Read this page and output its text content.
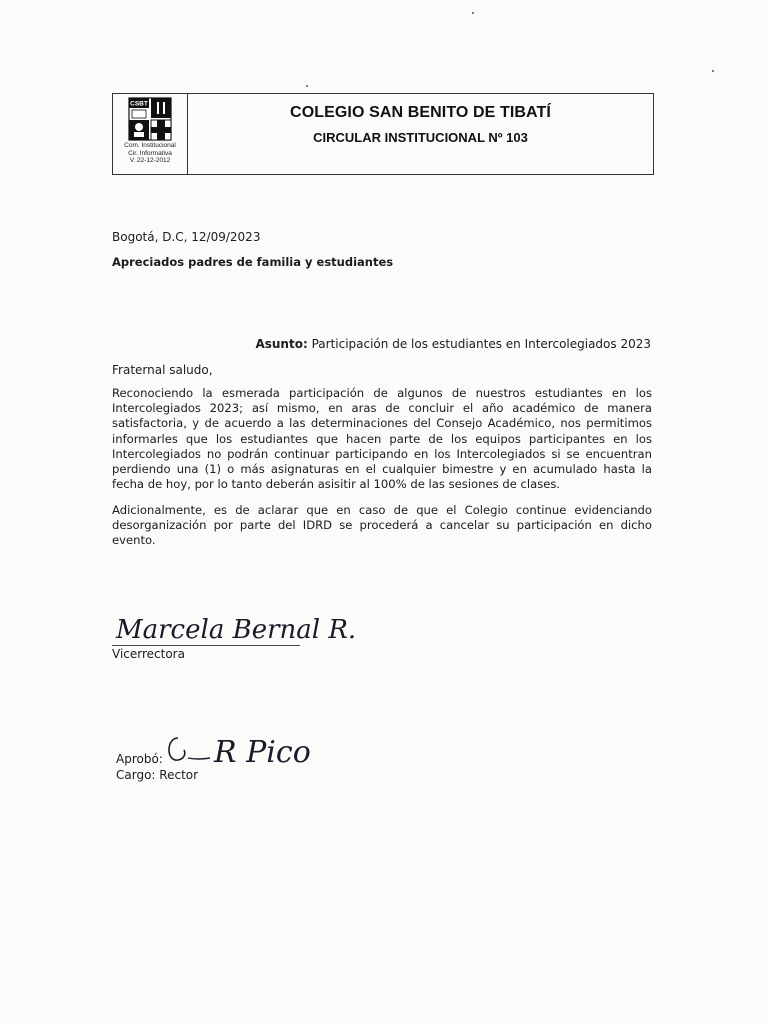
CSBT
Com. Institucional
Cir. Informativa
V. 22-12-2012
COLEGIO SAN BENITO DE TIBATÍ
CIRCULAR INSTITUCIONAL Nº 103
Bogotá, D.C, 12/09/2023
Apreciados padres de familia y estudiantes
Asunto: Participación de los estudiantes en Intercolegiados 2023
Fraternal saludo,
Reconociendo la esmerada participación de algunos de nuestros estudiantes en los Intercolegiados 2023; así mismo, en aras de concluir el año académico de manera satisfactoria, y de acuerdo a las determinaciones del Consejo Académico, nos permitimos informarles que los estudiantes que hacen parte de los equipos participantes en los Intercolegiados no podrán continuar participando en los Intercolegiados si se encuentran perdiendo una (1) o más asignaturas en el cualquier bimestre y en acumulado hasta la fecha de hoy, por lo tanto deberán asisitir al 100% de las sesiones de clases.
Adicionalmente, es de aclarar que en caso de que el Colegio continue evidenciando desorganización por parte del IDRD se procederá a cancelar su participación en dicho evento.
Marcela Bernal R.
Vicerrectora
Aprobó: R Pico
Cargo: Rector
